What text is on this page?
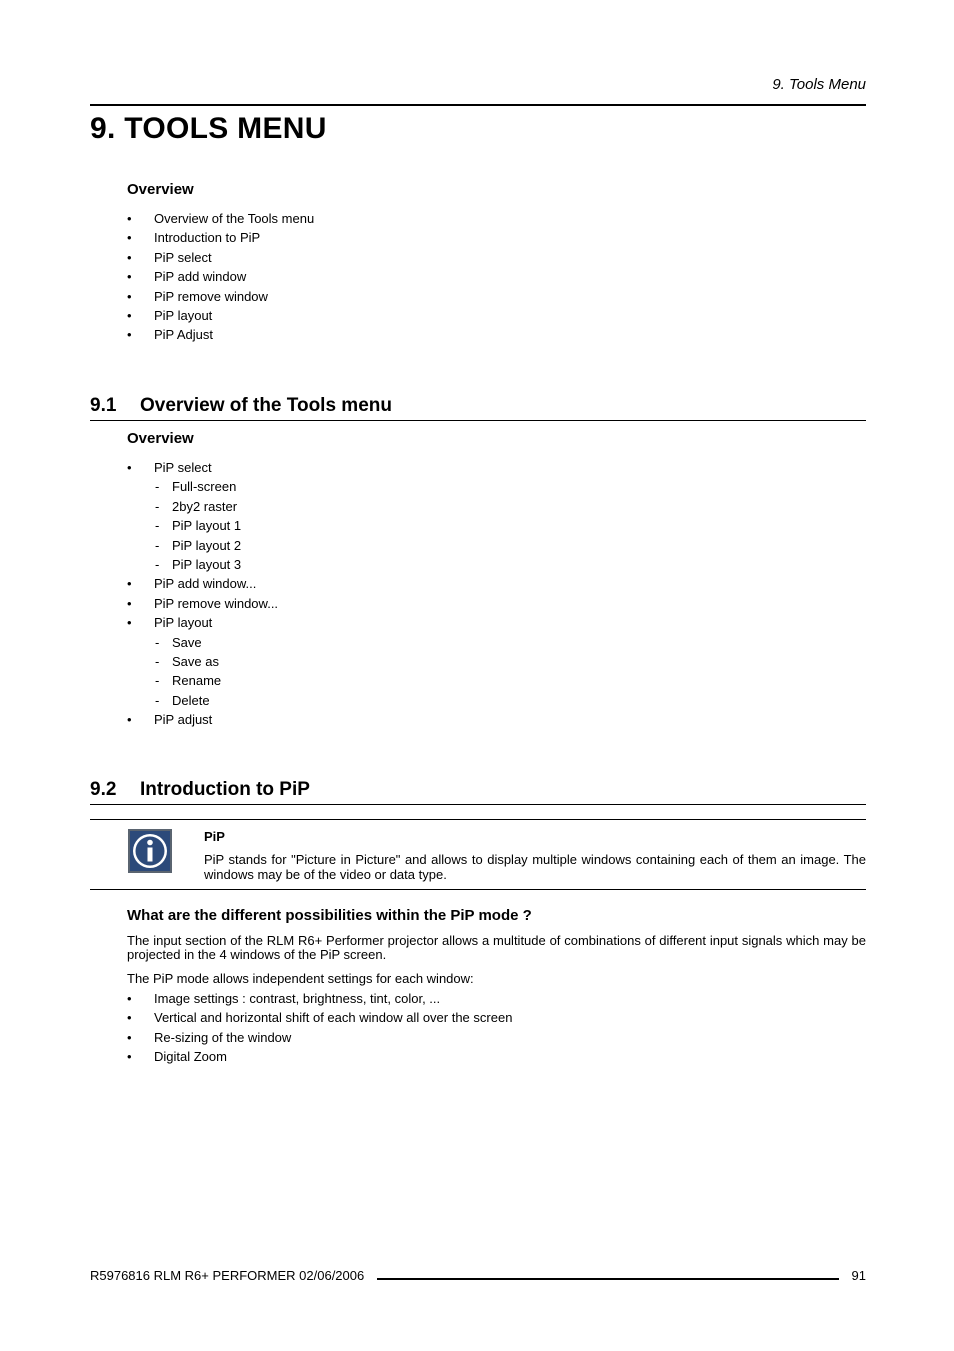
9. Tools Menu
9. TOOLS MENU
Overview
• Overview of the Tools menu
• Introduction to PiP
• PiP select
• PiP add window
• PiP remove window
• PiP layout
• PiP Adjust
9.1 Overview of the Tools menu
Overview
• PiP select
- Full-screen
- 2by2 raster
- PiP layout 1
- PiP layout 2
- PiP layout 3
• PiP add window...
• PiP remove window...
• PiP layout
- Save
- Save as
- Rename
- Delete
• PiP adjust
9.2 Introduction to PiP
PiP
PiP stands for "Picture in Picture" and allows to display multiple windows containing each of them an image. The windows may be of the video or data type.
What are the different possibilities within the PiP mode ?
The input section of the RLM R6+ Performer projector allows a multitude of combinations of different input signals which may be projected in the 4 windows of the PiP screen.
The PiP mode allows independent settings for each window:
• Image settings : contrast, brightness, tint, color, ...
• Vertical and horizontal shift of each window all over the screen
• Re-sizing of the window
• Digital Zoom
R5976816 RLM R6+ PERFORMER 02/06/2006	91
